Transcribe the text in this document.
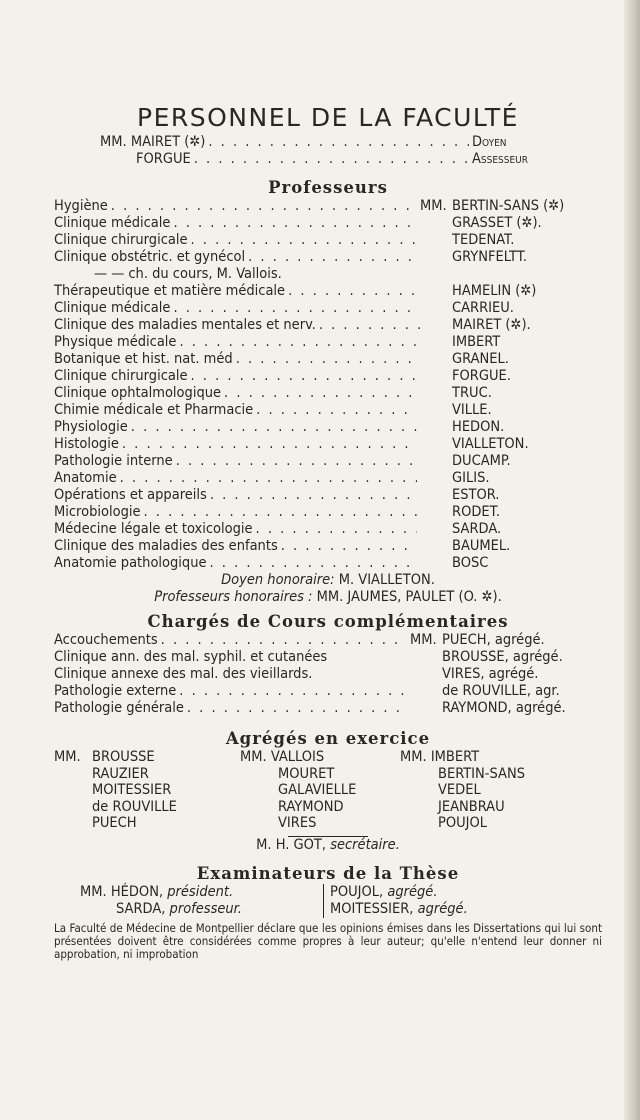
PERSONNEL DE LA FACULTÉ
MM. MAIRET (✲) . . .	Doyen
FORGUE . . .	Assesseur
Professeurs
Hygiène . . .	MM. BERTIN-SANS (✲)
Clinique médicale . . .	GRASSET (✲).
Clinique chirurgicale . . .	TEDENAT.
Clinique obstétric. et gynécol . . .	GRYNFELTT.
— — ch. du cours, M. Vallois.
Thérapeutique et matière médicale . . .	HAMELIN (✲)
Clinique médicale . . .	CARRIEU.
Clinique des maladies mentales et nerv. . . .	MAIRET (✲).
Physique médicale . . .	IMBERT
Botanique et hist. nat. méd . . .	GRANEL.
Clinique chirurgicale . . .	FORGUE.
Clinique ophtalmologique . . .	TRUC.
Chimie médicale et Pharmacie . . .	VILLE.
Physiologie . . .	HEDON.
Histologie . . .	VIALLETON.
Pathologie interne . . .	DUCAMP.
Anatomie . . .	GILIS.
Opérations et appareils . . .	ESTOR.
Microbiologie . . .	RODET.
Médecine légale et toxicologie . . .	SARDA.
Clinique des maladies des enfants . . .	BAUMEL.
Anatomie pathologique . . .	BOSC
Doyen honoraire: M. VIALLETON.
Professeurs honoraires : MM. JAUMES, PAULET (O. ✲).
Chargés de Cours complémentaires
Accouchements . . .	MM. PUECH, agrégé.
Clinique ann. des mal. syphil. et cutanées	BROUSSE, agrégé.
Clinique annexe des mal. des vieillards.	VIRES, agrégé.
Pathologie externe . . .	de ROUVILLE, agr.
Pathologie générale . . .	RAYMOND, agrégé.
Agrégés en exercice
MM. BROUSSE
RAUZIER
MOITESSIER
de ROUVILLE
PUECH
MM. VALLOIS
MOURET
GALAVIELLE
RAYMOND
VIRES
MM. IMBERT
BERTIN-SANS
VEDEL
JEANBRAU
POUJOL
M. H. GOT, secrétaire.
Examinateurs de la Thèse
MM. HÉDON, président.
SARDA, professeur.
POUJOL, agrégé.
MOITESSIER, agrégé.
La Faculté de Médecine de Montpellier déclare que les opinions émises dans les Dissertations qui lui sont présentées doivent être considérées comme propres à leur auteur; qu'elle n'entend leur donner ni approbation, ni improbation
